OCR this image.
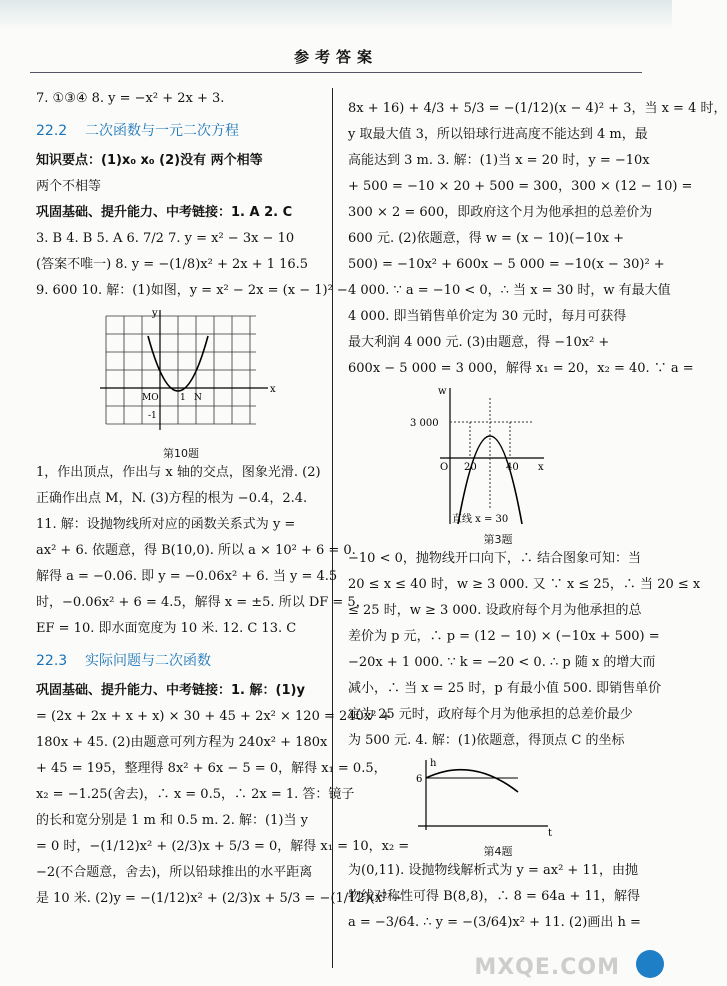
参考答案

7. ①③④ 8. y = −x² + 2x + 3.

22.2 二次函数与一元二次方程

知识要点：(1)x₀ x₀ (2)没有 两个相等

两个不相等

巩固基础、提升能力、中考链接：1. A 2. C

3. B 4. B 5. A 6. 7/2 7. y = x² − 3x − 10

(答案不唯一) 8. y = −(1/8)x² + 2x + 1 16.5

9. 600 10. 解：(1)如图，y = x² − 2x = (x − 1)² −

y
x
MO 1 N
-1
第10题

1，作出顶点，作出与 x 轴的交点，图象光滑. (2)

正确作出点 M，N. (3)方程的根为 −0.4，2.4.

11. 解：设抛物线所对应的函数关系式为 y =

ax² + 6. 依题意，得 B(10,0). 所以 a × 10² + 6 = 0.

解得 a = −0.06. 即 y = −0.06x² + 6. 当 y = 4.5

时，−0.06x² + 6 = 4.5，解得 x = ±5. 所以 DF = 5，

EF = 10. 即水面宽度为 10 米. 12. C 13. C

22.3 实际问题与二次函数

巩固基础、提升能力、中考链接：1. 解：(1)y

= (2x + 2x + x + x) × 30 + 45 + 2x² × 120 = 240x² +

180x + 45. (2)由题意可列方程为 240x² + 180x

+ 45 = 195，整理得 8x² + 6x − 5 = 0，解得 x₁ = 0.5，

x₂ = −1.25(舍去)，∴ x = 0.5，∴ 2x = 1. 答：镜子

的长和宽分别是 1 m 和 0.5 m. 2. 解：(1)当 y

= 0 时，−(1/12)x² + (2/3)x + 5/3 = 0，解得 x₁ = 10，x₂ =

−2(不合题意，舍去)，所以铅球推出的水平距离

是 10 米. (2)y = −(1/12)x² + (2/3)x + 5/3 = −(1/12)(x² −

8x + 16) + 4/3 + 5/3 = −(1/12)(x − 4)² + 3，当 x = 4 时，

y 取最大值 3，所以铅球行进高度不能达到 4 m，最

高能达到 3 m. 3. 解：(1)当 x = 20 时，y = −10x

+ 500 = −10 × 20 + 500 = 300，300 × (12 − 10) =

300 × 2 = 600，即政府这个月为他承担的总差价为

600 元. (2)依题意，得 w = (x − 10)(−10x +

500) = −10x² + 600x − 5 000 = −10(x − 30)² +

4 000. ∵ a = −10 < 0，∴ 当 x = 30 时，w 有最大值

4 000. 即当销售单价定为 30 元时，每月可获得

最大利润 4 000 元. (3)由题意，得 −10x² +

600x − 5 000 = 3 000，解得 x₁ = 20，x₂ = 40. ∵ a =

w
3 000
O 20	40 x
直线 x = 30
第3题

−10 < 0，抛物线开口向下，∴ 结合图象可知：当

20 ≤ x ≤ 40 时，w ≥ 3 000. 又 ∵ x ≤ 25，∴ 当 20 ≤ x

≤ 25 时，w ≥ 3 000. 设政府每个月为他承担的总

差价为 p 元，∴ p = (12 − 10) × (−10x + 500) =

−20x + 1 000. ∵ k = −20 < 0. ∴ p 随 x 的增大而

减小，∴ 当 x = 25 时，p 有最小值 500. 即销售单价

定为 25 元时，政府每个月为他承担的总差价最少

为 500 元. 4. 解：(1)依题意，得顶点 C 的坐标

h
6
t
第4题

为(0,11). 设抛物线解析式为 y = ax² + 11，由抛

物线对称性可得 B(8,8)，∴ 8 = 64a + 11，解得

a = −3/64. ∴ y = −(3/64)x² + 11. (2)画出 h =

MXQE.COM
